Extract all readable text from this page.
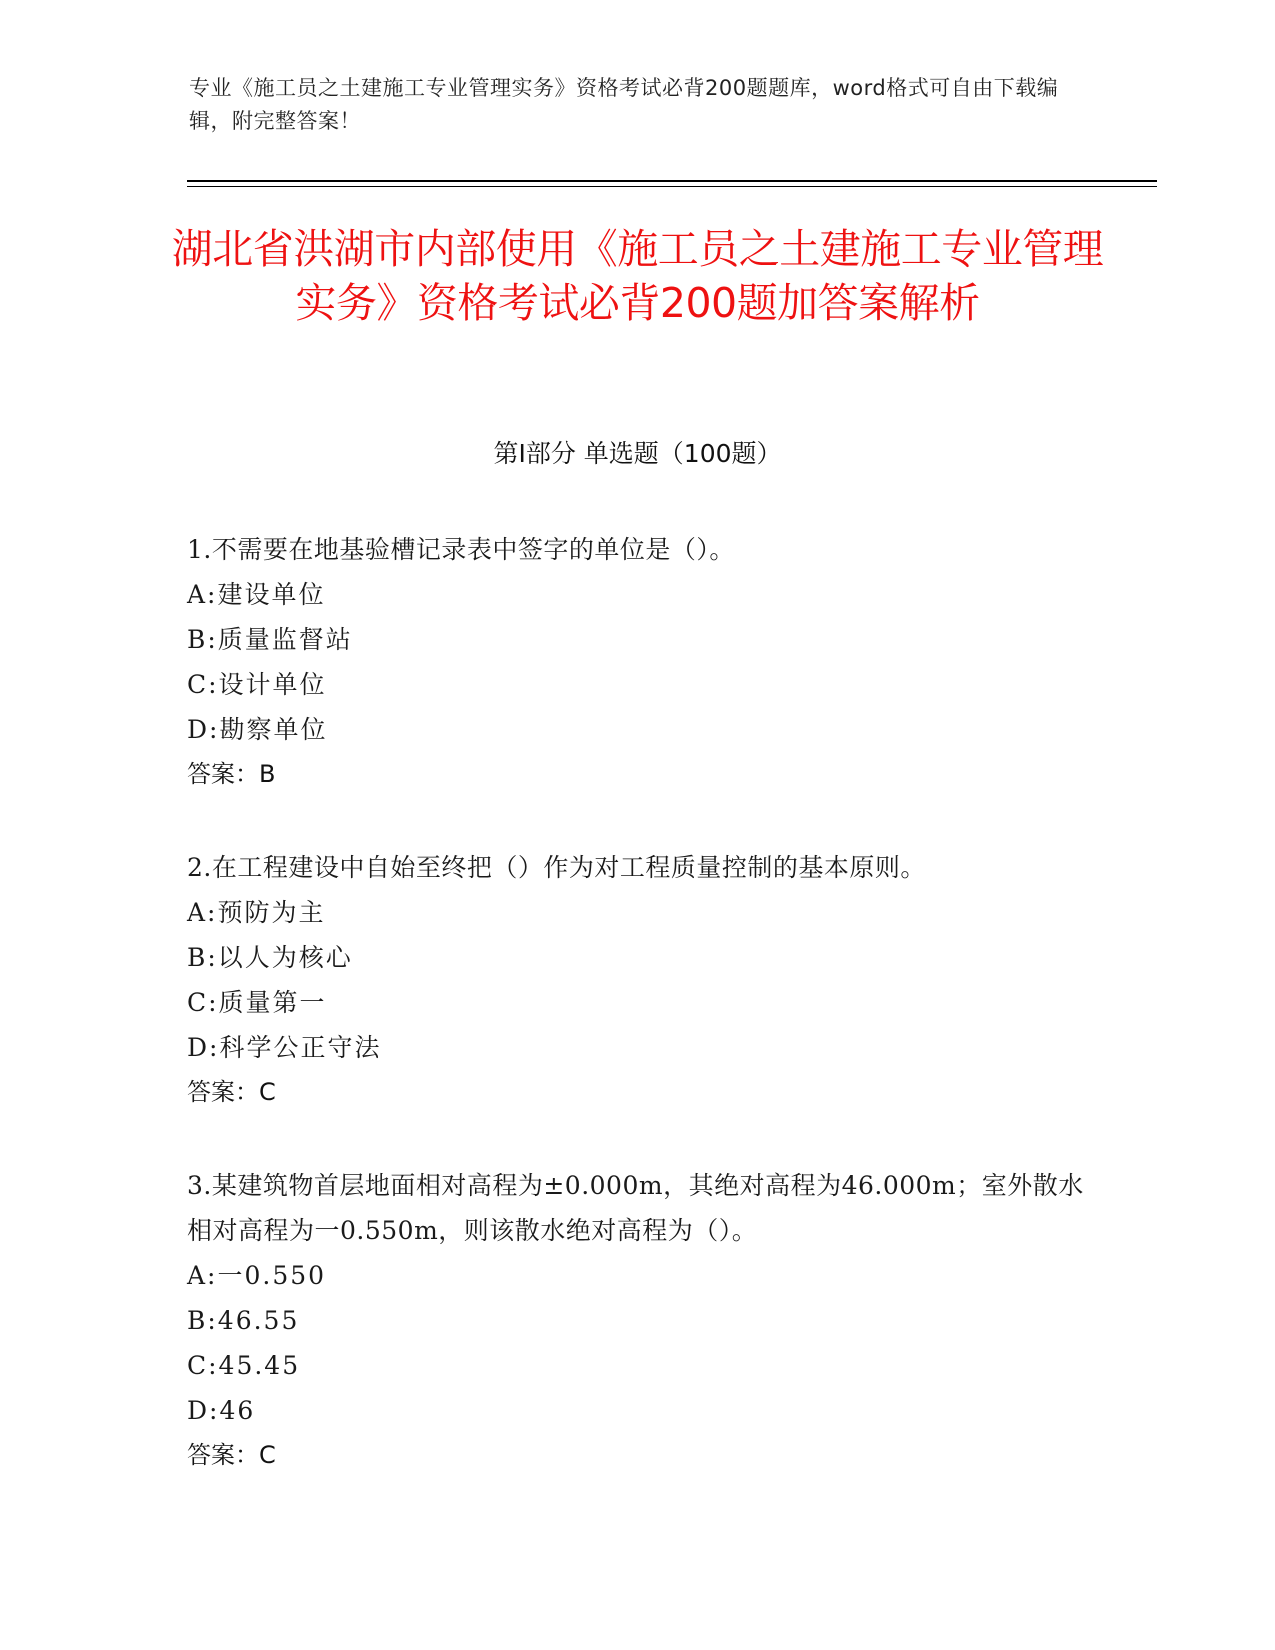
专业《施工员之土建施工专业管理实务》资格考试必背200题题库，word格式可自由下载编辑，附完整答案！
湖北省洪湖市内部使用《施工员之土建施工专业管理实务》资格考试必背200题加答案解析
第Ⅰ部分 单选题（100题）
1.不需要在地基验槽记录表中签字的单位是（）。
A:建设单位
B:质量监督站
C:设计单位
D:勘察单位
答案：B
2.在工程建设中自始至终把（）作为对工程质量控制的基本原则。
A:预防为主
B:以人为核心
C:质量第一
D:科学公正守法
答案：C
3.某建筑物首层地面相对高程为±0.000m，其绝对高程为46.000m；室外散水相对高程为一0.550m，则该散水绝对高程为（）。
A:一0.550
B:46.55
C:45.45
D:46
答案：C
